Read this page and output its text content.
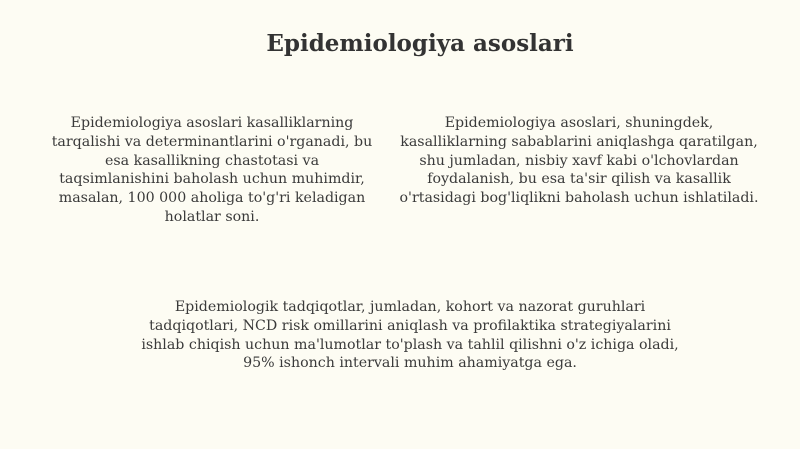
Epidemiologiya asoslari

Epidemiologiya asoslari kasalliklarning tarqalishi va determinantlarini o'rganadi, bu esa kasallikning chastotasi va taqsimlanishini baholash uchun muhimdir, masalan, 100 000 aholiga to'g'ri keladigan holatlar soni.

Epidemiologiya asoslari, shuningdek, kasalliklarning sabablarini aniqlashga qaratilgan, shu jumladan, nisbiy xavf kabi o'lchovlardan foydalanish, bu esa ta'sir qilish va kasallik o'rtasidagi bog'liqlikni baholash uchun ishlatiladi.

Epidemiologik tadqiqotlar, jumladan, kohort va nazorat guruhlari tadqiqotlari, NCD risk omillarini aniqlash va profilaktika strategiyalarini ishlab chiqish uchun ma'lumotlar to'plash va tahlil qilishni o'z ichiga oladi, 95% ishonch intervali muhim ahamiyatga ega.
